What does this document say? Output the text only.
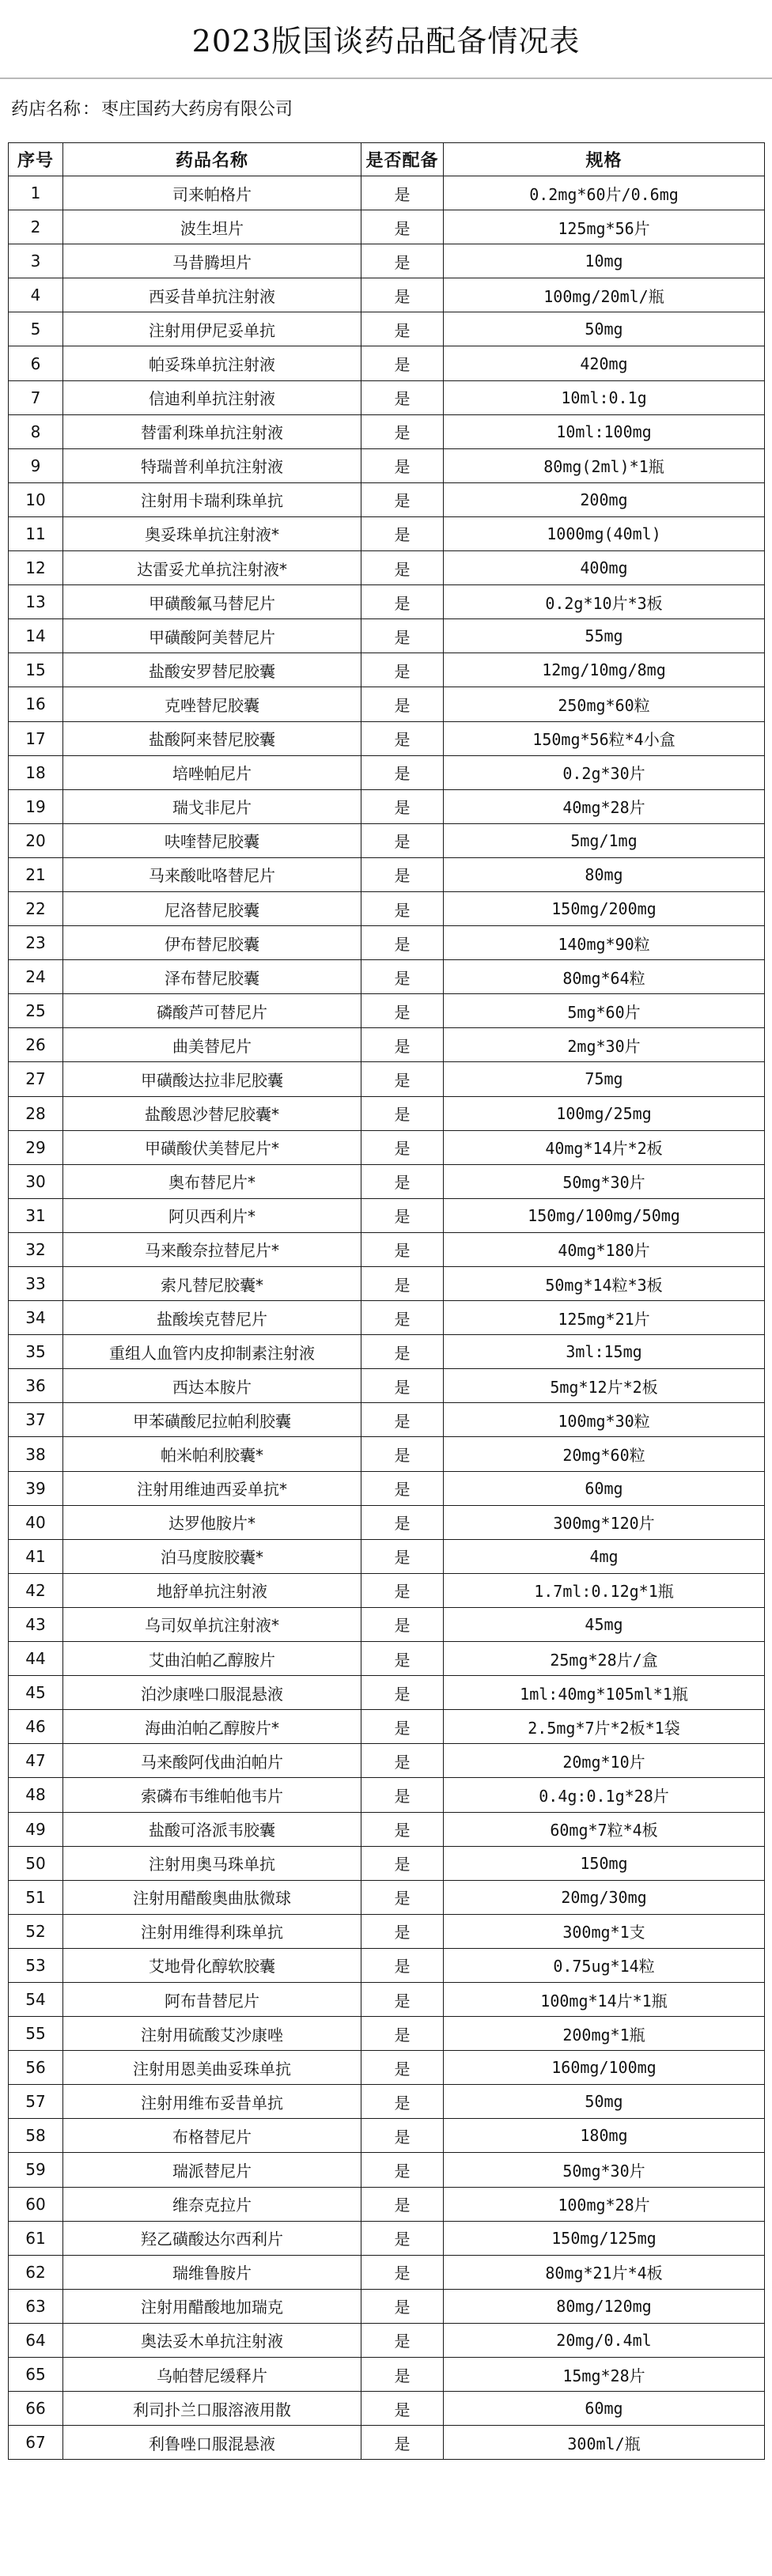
2023版国谈药品配备情况表
药店名称：枣庄国药大药房有限公司
序号	药品名称	是否配备	规格
1	司来帕格片	是	0.2mg*60片/0.6mg
2	波生坦片	是	125mg*56片
3	马昔腾坦片	是	10mg
4	西妥昔单抗注射液	是	100mg/20ml/瓶
5	注射用伊尼妥单抗	是	50mg
6	帕妥珠单抗注射液	是	420mg
7	信迪利单抗注射液	是	10ml:0.1g
8	替雷利珠单抗注射液	是	10ml:100mg
9	特瑞普利单抗注射液	是	80mg(2ml)*1瓶
10	注射用卡瑞利珠单抗	是	200mg
11	奥妥珠单抗注射液*	是	1000mg(40ml)
12	达雷妥尤单抗注射液*	是	400mg
13	甲磺酸氟马替尼片	是	0.2g*10片*3板
14	甲磺酸阿美替尼片	是	55mg
15	盐酸安罗替尼胶囊	是	12mg/10mg/8mg
16	克唑替尼胶囊	是	250mg*60粒
17	盐酸阿来替尼胶囊	是	150mg*56粒*4小盒
18	培唑帕尼片	是	0.2g*30片
19	瑞戈非尼片	是	40mg*28片
20	呋喹替尼胶囊	是	5mg/1mg
21	马来酸吡咯替尼片	是	80mg
22	尼洛替尼胶囊	是	150mg/200mg
23	伊布替尼胶囊	是	140mg*90粒
24	泽布替尼胶囊	是	80mg*64粒
25	磷酸芦可替尼片	是	5mg*60片
26	曲美替尼片	是	2mg*30片
27	甲磺酸达拉非尼胶囊	是	75mg
28	盐酸恩沙替尼胶囊*	是	100mg/25mg
29	甲磺酸伏美替尼片*	是	40mg*14片*2板
30	奥布替尼片*	是	50mg*30片
31	阿贝西利片*	是	150mg/100mg/50mg
32	马来酸奈拉替尼片*	是	40mg*180片
33	索凡替尼胶囊*	是	50mg*14粒*3板
34	盐酸埃克替尼片	是	125mg*21片
35	重组人血管内皮抑制素注射液	是	3ml:15mg
36	西达本胺片	是	5mg*12片*2板
37	甲苯磺酸尼拉帕利胶囊	是	100mg*30粒
38	帕米帕利胶囊*	是	20mg*60粒
39	注射用维迪西妥单抗*	是	60mg
40	达罗他胺片*	是	300mg*120片
41	泊马度胺胶囊*	是	4mg
42	地舒单抗注射液	是	1.7ml:0.12g*1瓶
43	乌司奴单抗注射液*	是	45mg
44	艾曲泊帕乙醇胺片	是	25mg*28片/盒
45	泊沙康唑口服混悬液	是	1ml:40mg*105ml*1瓶
46	海曲泊帕乙醇胺片*	是	2.5mg*7片*2板*1袋
47	马来酸阿伐曲泊帕片	是	20mg*10片
48	索磷布韦维帕他韦片	是	0.4g:0.1g*28片
49	盐酸可洛派韦胶囊	是	60mg*7粒*4板
50	注射用奥马珠单抗	是	150mg
51	注射用醋酸奥曲肽微球	是	20mg/30mg
52	注射用维得利珠单抗	是	300mg*1支
53	艾地骨化醇软胶囊	是	0.75ug*14粒
54	阿布昔替尼片	是	100mg*14片*1瓶
55	注射用硫酸艾沙康唑	是	200mg*1瓶
56	注射用恩美曲妥珠单抗	是	160mg/100mg
57	注射用维布妥昔单抗	是	50mg
58	布格替尼片	是	180mg
59	瑞派替尼片	是	50mg*30片
60	维奈克拉片	是	100mg*28片
61	羟乙磺酸达尔西利片	是	150mg/125mg
62	瑞维鲁胺片	是	80mg*21片*4板
63	注射用醋酸地加瑞克	是	80mg/120mg
64	奥法妥木单抗注射液	是	20mg/0.4ml
65	乌帕替尼缓释片	是	15mg*28片
66	利司扑兰口服溶液用散	是	60mg
67	利鲁唑口服混悬液	是	300ml/瓶
